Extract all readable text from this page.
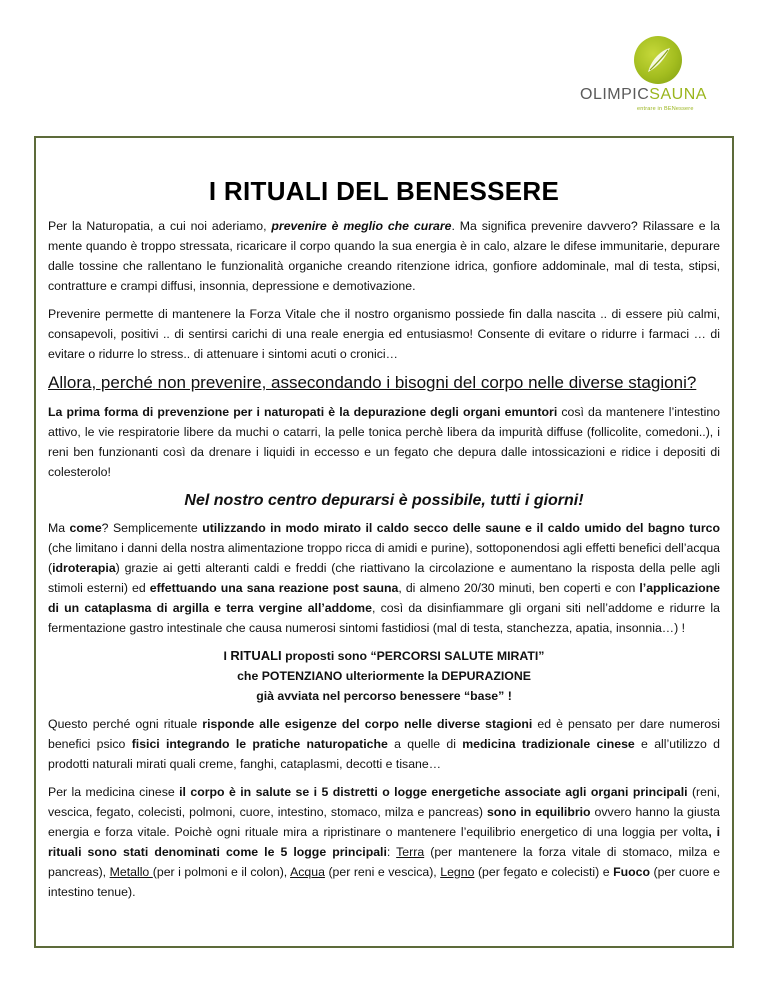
OLIMPICSAUNA
entrare in BENessere
I RITUALI DEL BENESSERE

Per la Naturopatia, a cui noi aderiamo, prevenire è meglio che curare. Ma significa prevenire davvero? Rilassare e la mente quando è troppo stressata, ricaricare il corpo quando la sua energia è in calo, alzare le difese immunitarie, depurare dalle tossine che rallentano le funzionalità organiche creando ritenzione idrica, gonfiore addominale, mal di testa, stipsi, contratture e crampi diffusi, insonnia, depressione e demotivazione.

Prevenire permette di mantenere la Forza Vitale che il nostro organismo possiede fin dalla nascita .. di essere più calmi, consapevoli, positivi .. di sentirsi carichi di una reale energia ed entusiasmo! Consente di evitare o ridurre i farmaci … di evitare o ridurre lo stress.. di attenuare i sintomi acuti o cronici…

Allora, perché non prevenire, assecondando i bisogni del corpo nelle diverse stagioni?

La prima forma di prevenzione per i naturopati è la depurazione degli organi emuntori così da mantenere l’intestino attivo, le vie respiratorie libere da muchi o catarri, la pelle tonica perchè libera da impurità diffuse (follicolite, comedoni..), i reni ben funzionanti così da drenare i liquidi in eccesso e un fegato che depura dalle intossicazioni e ridice i depositi di colesterolo!

Nel nostro centro depurarsi è possibile, tutti i giorni!

Ma come? Semplicemente utilizzando in modo mirato il caldo secco delle saune e il caldo umido del bagno turco (che limitano i danni della nostra alimentazione troppo ricca di amidi e purine), sottoponendosi agli effetti benefici dell’acqua (idroterapia) grazie ai getti alteranti caldi e freddi (che riattivano la circolazione e aumentano la risposta della pelle agli stimoli esterni) ed effettuando una sana reazione post sauna, di almeno 20/30 minuti, ben coperti e con l’applicazione di un cataplasma di argilla e terra vergine all’addome, così da disinfiammare gli organi siti nell’addome e ridurre la fermentazione gastro intestinale che causa numerosi sintomi fastidiosi (mal di testa, stanchezza, apatia, insonnia…) !

I RITUALI proposti sono “PERCORSI SALUTE MIRATI”
che POTENZIANO ulteriormente la DEPURAZIONE
già avviata nel percorso benessere “base” !

Questo perché ogni rituale risponde alle esigenze del corpo nelle diverse stagioni ed è pensato per dare numerosi benefici psico fisici integrando le pratiche naturopatiche a quelle di medicina tradizionale cinese e all’utilizzo d prodotti naturali mirati quali creme, fanghi, cataplasmi, decotti e tisane…

Per la medicina cinese il corpo è in salute se i 5 distretti o logge energetiche associate agli organi principali (reni, vescica, fegato, colecisti, polmoni, cuore, intestino, stomaco, milza e pancreas) sono in equilibrio ovvero hanno la giusta energia e forza vitale. Poichè ogni rituale mira a ripristinare o mantenere l’equilibrio energetico di una loggia per volta, i rituali sono stati denominati come le 5 logge principali: Terra (per mantenere la forza vitale di stomaco, milza e pancreas), Metallo (per i polmoni e il colon), Acqua (per reni e vescica), Legno (per fegato e colecisti) e Fuoco (per cuore e intestino tenue).
